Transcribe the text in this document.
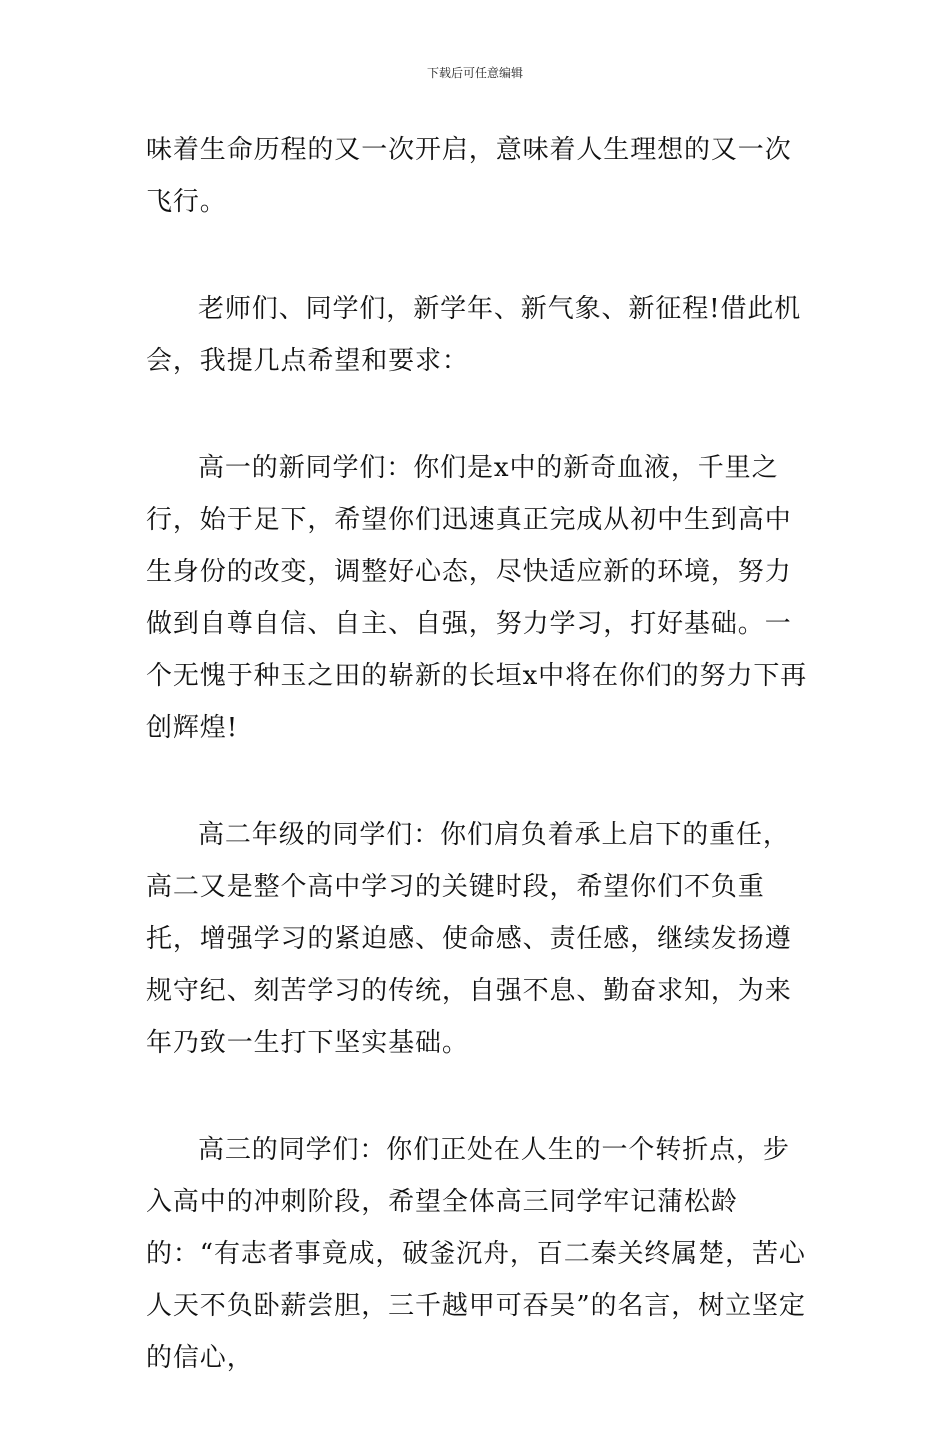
下载后可任意编辑

味着生命历程的又一次开启，意味着人生理想的又一次飞行。

老师们、同学们，新学年、新气象、新征程!借此机会，我提几点希望和要求：

高一的新同学们：你们是x中的新奇血液，千里之行，始于足下，希望你们迅速真正完成从初中生到高中生身份的改变，调整好心态，尽快适应新的环境，努力做到自尊自信、自主、自强，努力学习，打好基础。一个无愧于种玉之田的崭新的长垣x中将在你们的努力下再创辉煌!

高二年级的同学们：你们肩负着承上启下的重任，高二又是整个高中学习的关键时段，希望你们不负重托，增强学习的紧迫感、使命感、责任感，继续发扬遵规守纪、刻苦学习的传统，自强不息、勤奋求知，为来年乃致一生打下坚实基础。

高三的同学们：你们正处在人生的一个转折点，步入高中的冲刺阶段，希望全体高三同学牢记蒲松龄的：“有志者事竟成，破釜沉舟，百二秦关终属楚，苦心人天不负卧薪尝胆，三千越甲可吞吴”的名言，树立坚定的信心，
